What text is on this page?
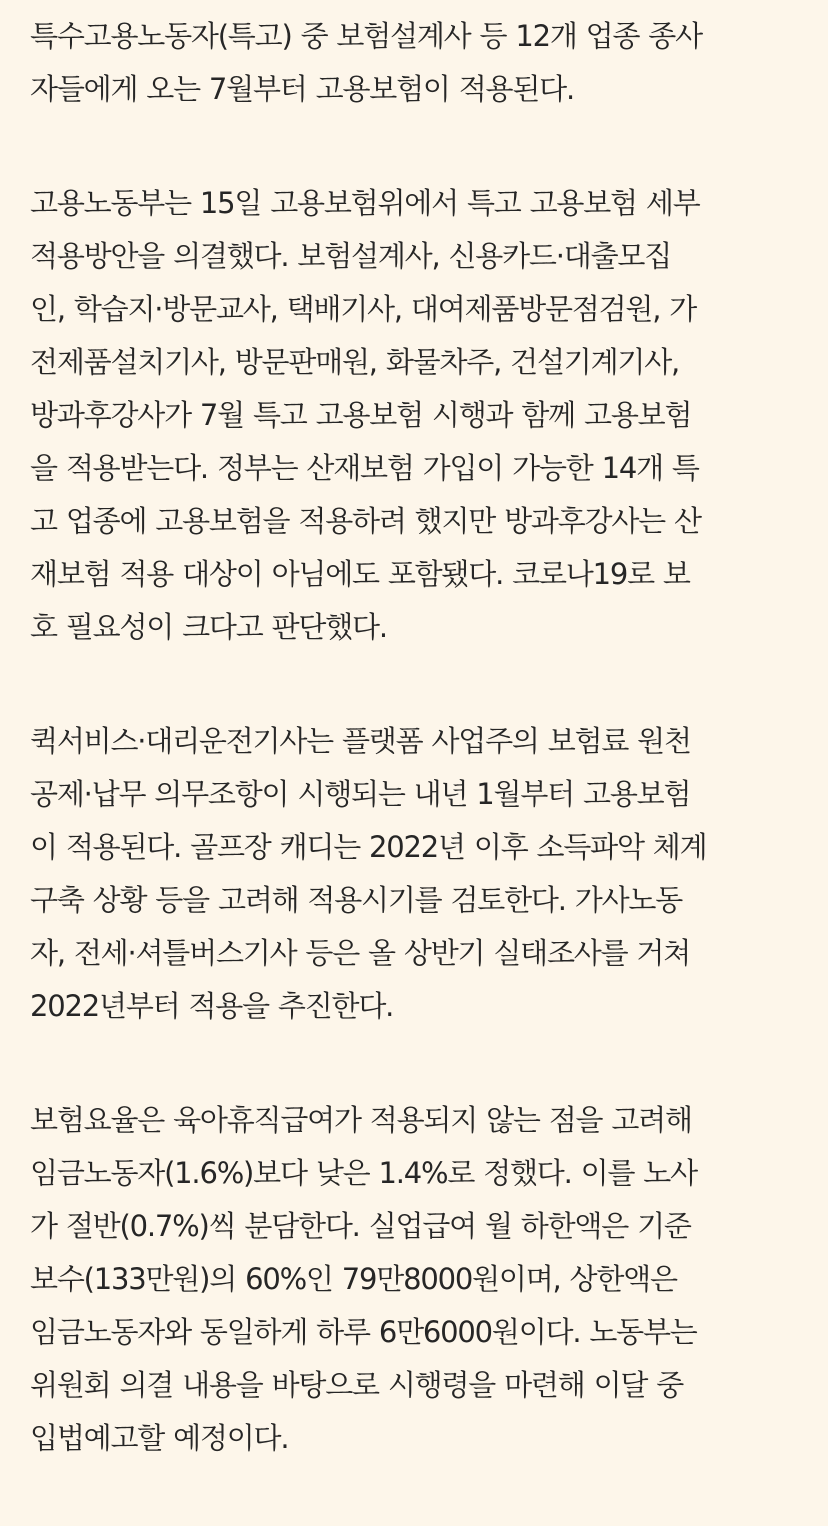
특수고용노동자(특고) 중 보험설계사 등 12개 업종 종사
자들에게 오는 7월부터 고용보험이 적용된다.
고용노동부는 15일 고용보험위에서 특고 고용보험 세부
적용방안을 의결했다. 보험설계사, 신용카드·대출모집
인, 학습지·방문교사, 택배기사, 대여제품방문점검원, 가
전제품설치기사, 방문판매원, 화물차주, 건설기계기사,
방과후강사가 7월 특고 고용보험 시행과 함께 고용보험
을 적용받는다. 정부는 산재보험 가입이 가능한 14개 특
고 업종에 고용보험을 적용하려 했지만 방과후강사는 산
재보험 적용 대상이 아님에도 포함됐다. 코로나19로 보
호 필요성이 크다고 판단했다.
퀵서비스·대리운전기사는 플랫폼 사업주의 보험료 원천
공제·납무 의무조항이 시행되는 내년 1월부터 고용보험
이 적용된다. 골프장 캐디는 2022년 이후 소득파악 체계
구축 상황 등을 고려해 적용시기를 검토한다. 가사노동
자, 전세·셔틀버스기사 등은 올 상반기 실태조사를 거쳐
2022년부터 적용을 추진한다.
보험요율은 육아휴직급여가 적용되지 않는 점을 고려해
임금노동자(1.6%)보다 낮은 1.4%로 정했다. 이를 노사
가 절반(0.7%)씩 분담한다. 실업급여 월 하한액은 기준
보수(133만원)의 60%인 79만8000원이며, 상한액은
임금노동자와 동일하게 하루 6만6000원이다. 노동부는
위원회 의결 내용을 바탕으로 시행령을 마련해 이달 중
입법예고할 예정이다.
